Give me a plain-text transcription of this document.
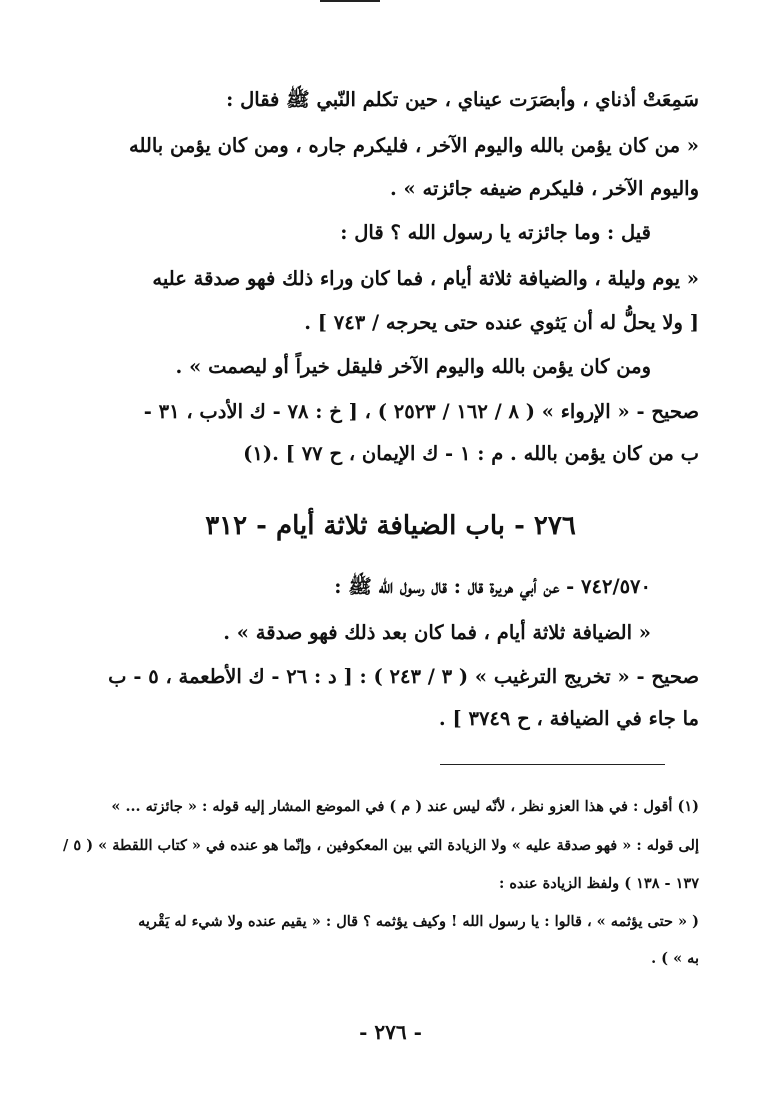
سَمِعَتْ أذناي ، وأبصَرَت عيناي ، حين تكلم النّبي ﷺ فقال :
« من كان يؤمن بالله واليوم الآخر ، فليكرم جاره ، ومن كان يؤمن بالله
واليوم الآخر ، فليكرم ضيفه جائزته » .
قيل : وما جائزته يا رسول الله ؟ قال :
« يوم وليلة ، والضيافة ثلاثة أيام ، فما كان وراء ذلك فهو صدقة عليه
[ ولا يحلُّ له أن يَثوي عنده حتى يحرجه / ٧٤٣ ] .
ومن كان يؤمن بالله واليوم الآخر فليقل خيراً أو ليصمت » .
صحيح - « الإرواء » ( ٨ / ١٦٢ / ٢٥٢٣ ) ، [ خ : ٧٨ - ك الأدب ، ٣١ -
ب من كان يؤمن بالله . م : ١ - ك الإيمان ، ح ٧٧ ] .(١)
٢٧٦ - باب الضيافة ثلاثة أيام - ٣١٢
٧٤٢/٥٧٠ - عن أبي هريرة قال : قال رسول الله ﷺ :
« الضيافة ثلاثة أيام ، فما كان بعد ذلك فهو صدقة » .
صحيح - « تخريج الترغيب » ( ٣ / ٢٤٣ ) : [ د : ٢٦ - ك الأطعمة ، ٥ - ب
ما جاء في الضيافة ، ح ٣٧٤٩ ] .
(١) أقول : في هذا العزو نظر ، لأنّه ليس عند ( م ) في الموضع المشار إليه قوله : « جائزته ... »
إلى قوله : « فهو صدقة عليه » ولا الزيادة التي بين المعكوفين ، وإنّما هو عنده في « كتاب اللقطة » ( ٥ /
١٣٧ - ١٣٨ ) ولفظ الزيادة عنده :
( « حتى يؤثمه » ، قالوا : يا رسول الله ! وكيف يؤثمه ؟ قال : « يقيم عنده ولا شيء له يَقْريه
به » ) .
- ٢٧٦ -
